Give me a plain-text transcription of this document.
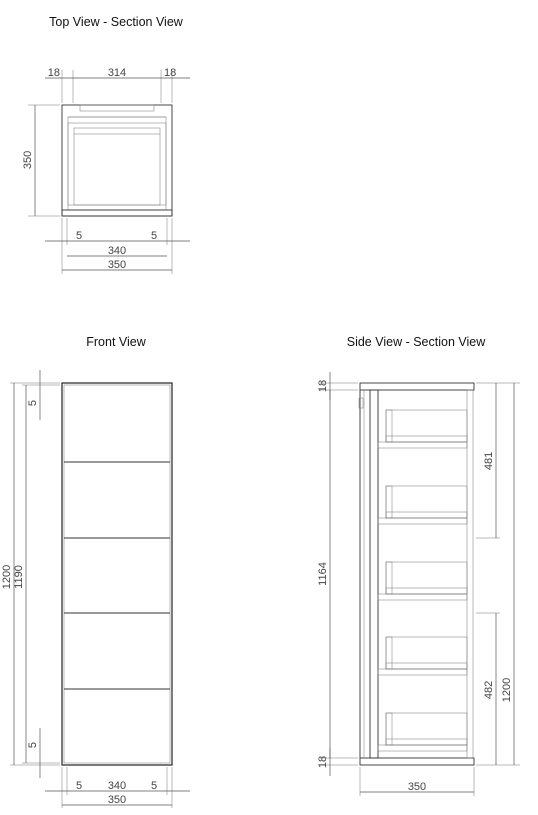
Top View - Section View
Front View	Side View - Section View
18	314	18
350
5	5
340
350
5
1200 1190
5
5 340 5
350
18
1164
18
481
482 1200
350
